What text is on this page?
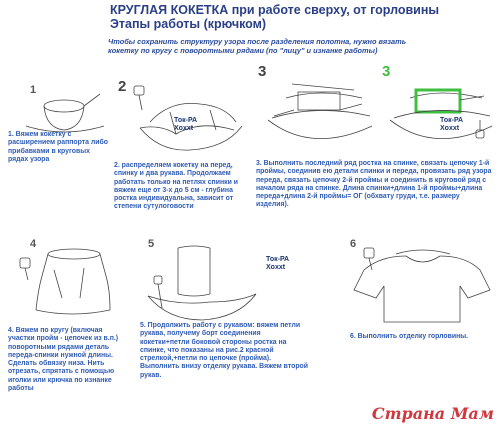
КРУГЛАЯ КОКЕТКА при работе сверху, от горловины
Этапы работы (крючком)
Чтобы сохранить структуру узора после разделения полотна, нужно вязать кокетку по кругу с поворотными рядами (по "лицу" и изнанке работы)
1
1. Вяжем кокетку с расширением раппорта либо прибавками в круговых рядах узора
2
Ток-РА
Xoxxt
2. распределяем кокетку на перед, спинку и два рукава. Продолжаем работать только на петлях спинки и вяжем еще от 3-х до 5 см - глубина ростка индивидуальна, зависит от степени сутулоговости
3	3
Ток-РА
Xoxxt
3. Выполнить последний ряд ростка на спинке, связать цепочку 1-й проймы, соединив ею детали спинки и переда, провязать ряд узора переда, связать цепочку 2-й проймы и соединить в круговой ряд с началом ряда на спинке. Длина спинки+длина 1-й проймы+длина переда+длина 2-й проймы= ОГ (обхвату груди, т.е. размеру изделия).
4
4. Вяжем по кругу (включая участки пройм - цепочек из в.п.) поворотными рядами деталь переда-спинки нужной длины. Сделать обвязку низа. Нить отрезать, спрятать с помощью иголки или крючка по изнанке работы
5
Ток-РА
Xoxxt
5. Продолжить работу с рукавом: вяжем петли рукава, получему борт соединения кокетки+петли боковой стороны ростка на спинке, что показаны на рис.2 красной стрелкой,+петли по цепочке (пройма). Выполнить внизу отделку рукава. Вяжем второй рукав.
6
6. Выполнить отделку горловины.
Страна Мам
